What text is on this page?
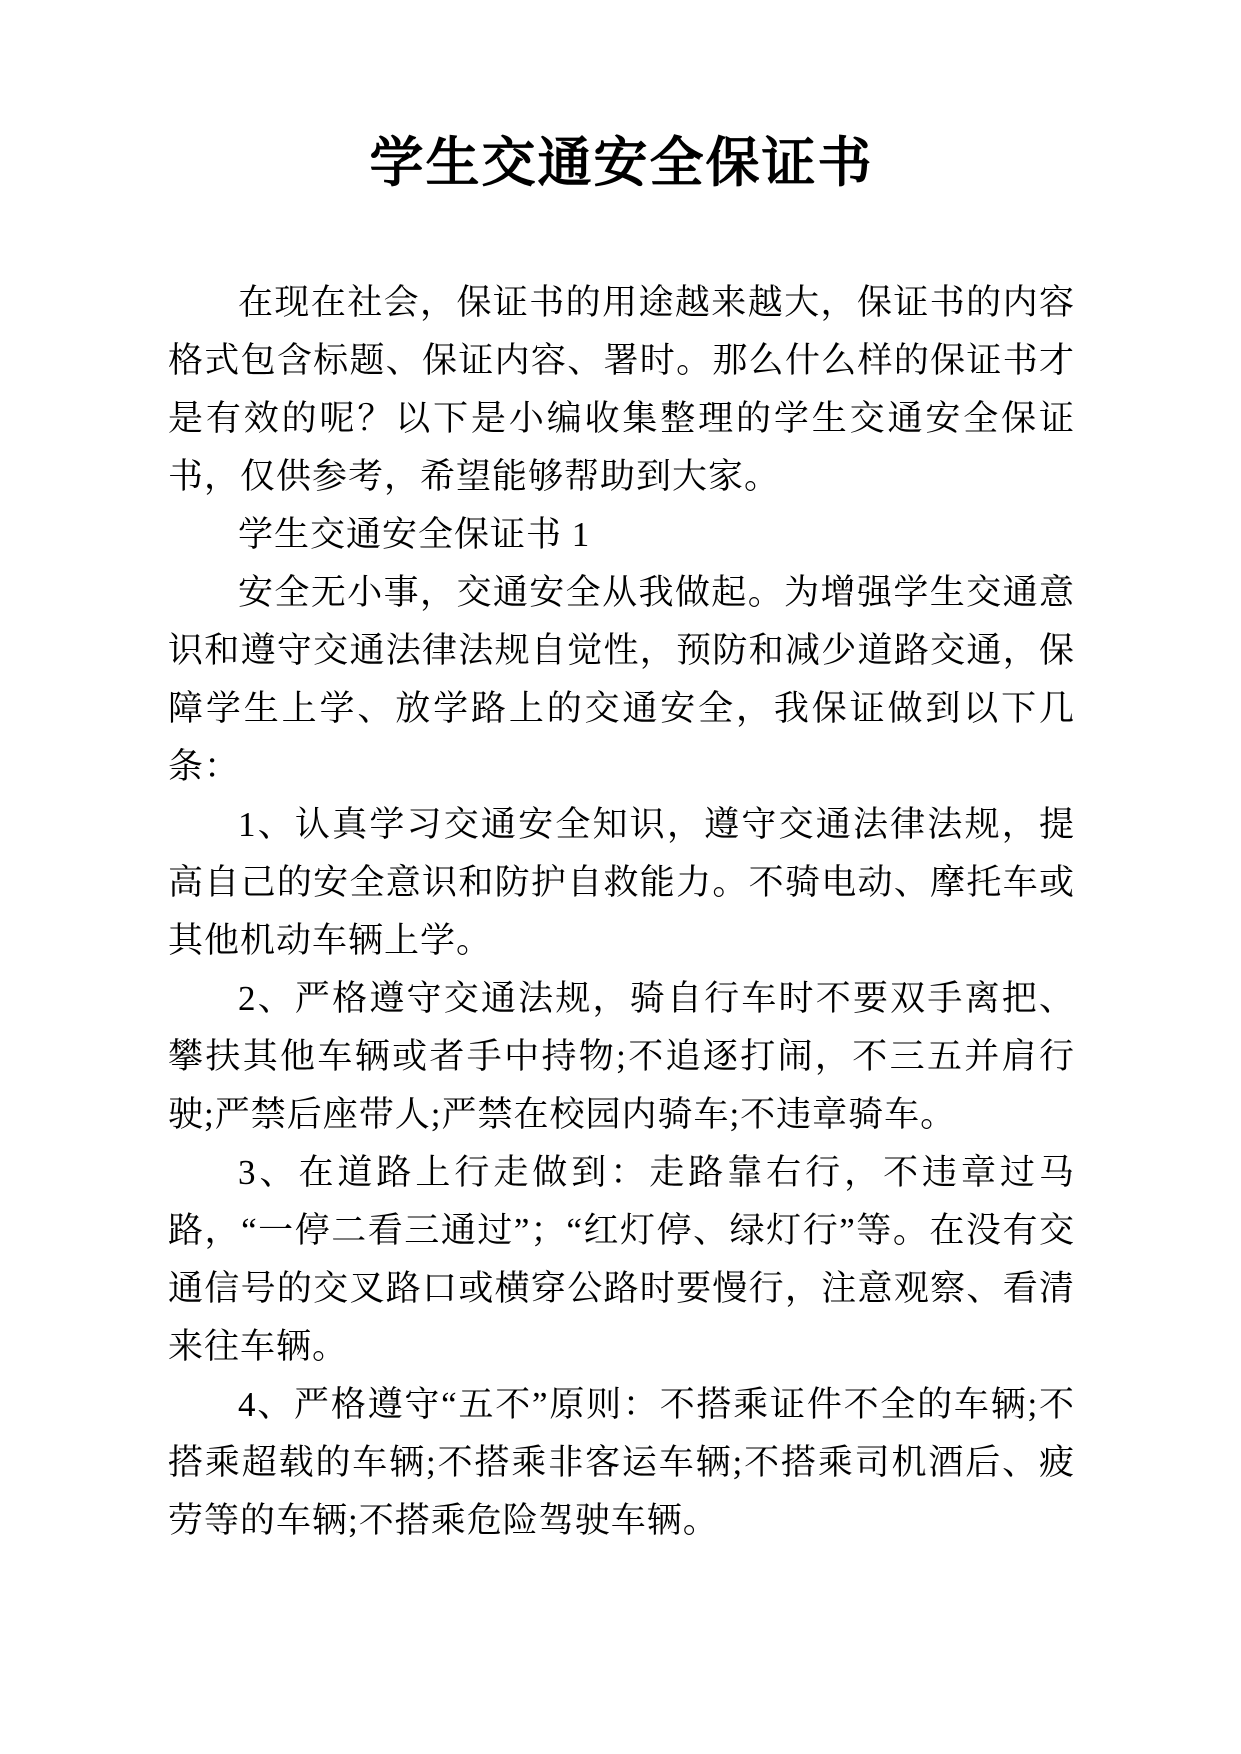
学生交通安全保证书

在现在社会，保证书的用途越来越大，保证书的内容格式包含标题、保证内容、署时。那么什么样的保证书才是有效的呢？以下是小编收集整理的学生交通安全保证书，仅供参考，希望能够帮助到大家。

学生交通安全保证书 1

安全无小事，交通安全从我做起。为增强学生交通意识和遵守交通法律法规自觉性，预防和减少道路交通，保障学生上学、放学路上的交通安全，我保证做到以下几条：

1、认真学习交通安全知识，遵守交通法律法规，提高自己的安全意识和防护自救能力。不骑电动、摩托车或其他机动车辆上学。

2、严格遵守交通法规，骑自行车时不要双手离把、攀扶其他车辆或者手中持物;不追逐打闹，不三五并肩行驶;严禁后座带人;严禁在校园内骑车;不违章骑车。

3、在道路上行走做到：走路靠右行，不违章过马路，“一停二看三通过”；“红灯停、绿灯行”等。在没有交通信号的交叉路口或横穿公路时要慢行，注意观察、看清来往车辆。

4、严格遵守“五不”原则：不搭乘证件不全的车辆;不搭乘超载的车辆;不搭乘非客运车辆;不搭乘司机酒后、疲劳等的车辆;不搭乘危险驾驶车辆。
